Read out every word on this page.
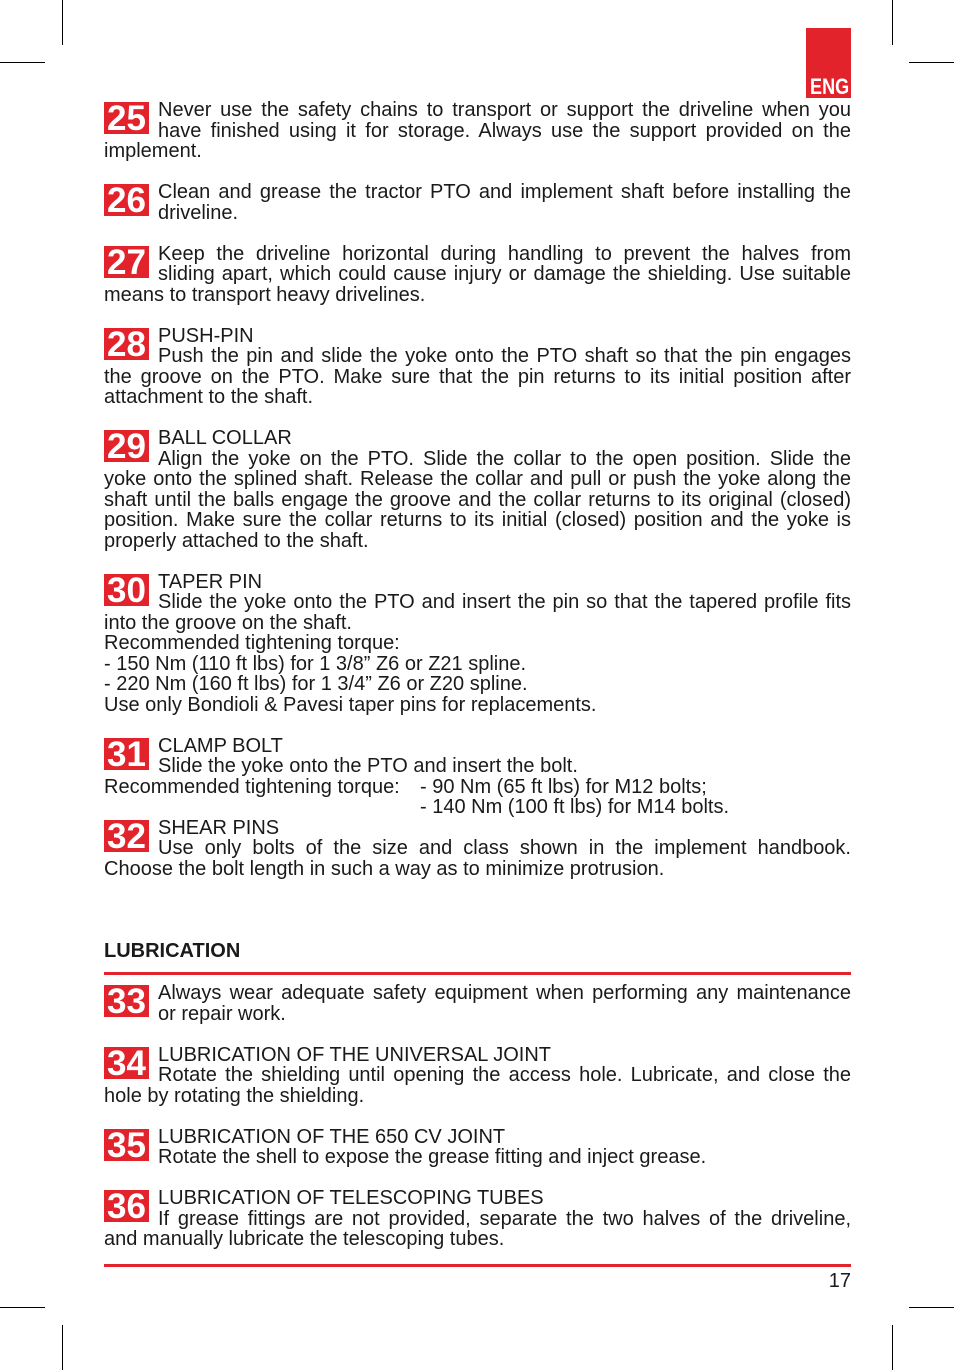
ENG
25 Never use the safety chains to transport or support the driveline when you
have finished using it for storage. Always use the support provided on the
implement.
26 Clean and grease the tractor PTO and implement shaft before installing the
driveline.
27 Keep the driveline horizontal during handling to prevent the halves from
sliding apart, which could cause injury or damage the shielding. Use suitable
means to transport heavy drivelines.
28 PUSH-PIN
Push the pin and slide the yoke onto the PTO shaft so that the pin engages
the groove on the PTO. Make sure that the pin returns to its initial position after
attachment to the shaft.
29 BALL COLLAR
Align the yoke on the PTO. Slide the collar to the open position. Slide the
yoke onto the splined shaft. Release the collar and pull or push the yoke along the
shaft until the balls engage the groove and the collar returns to its original (closed)
position. Make sure the collar returns to its initial (closed) position and the yoke is
properly attached to the shaft.
30 TAPER PIN
Slide the yoke onto the PTO and insert the pin so that the tapered profile fits
into the groove on the shaft.
Recommended tightening torque:
- 150 Nm (110 ft lbs) for 1 3/8” Z6 or Z21 spline.
- 220 Nm (160 ft lbs) for 1 3/4” Z6 or Z20 spline.
Use only Bondioli & Pavesi taper pins for replacements.
31 CLAMP BOLT
Slide the yoke onto the PTO and insert the bolt.
Recommended tightening torque: - 90 Nm (65 ft lbs) for M12 bolts;
- 140 Nm (100 ft lbs) for M14 bolts.
32 SHEAR PINS
Use only bolts of the size and class shown in the implement handbook.
Choose the bolt length in such a way as to minimize protrusion.
LUBRICATION
33 Always wear adequate safety equipment when performing any maintenance
or repair work.
34 LUBRICATION OF THE UNIVERSAL JOINT
Rotate the shielding until opening the access hole. Lubricate, and close the
hole by rotating the shielding.
35 LUBRICATION OF THE 650 CV JOINT
Rotate the shell to expose the grease fitting and inject grease.
36 LUBRICATION OF TELESCOPING TUBES
If grease fittings are not provided, separate the two halves of the driveline,
and manually lubricate the telescoping tubes.
17
